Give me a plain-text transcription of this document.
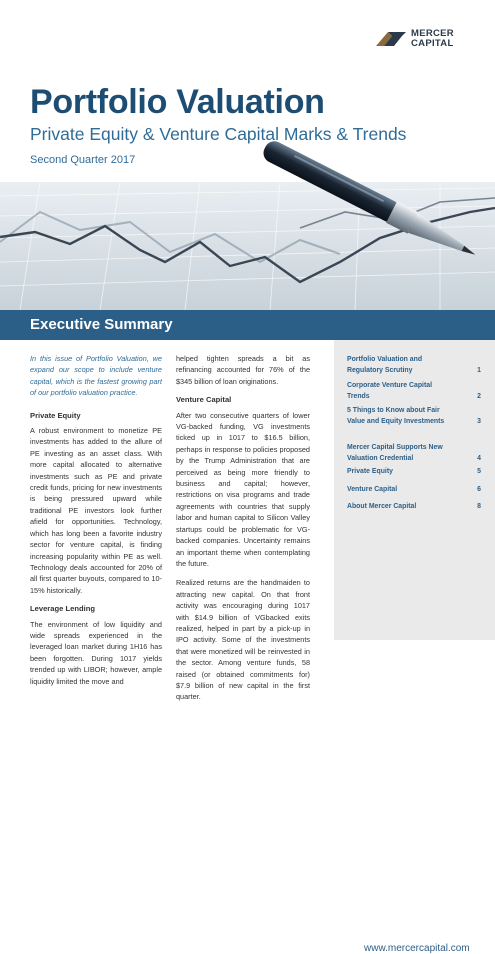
MERCER
CAPITAL
Portfolio Valuation
Private Equity & Venture Capital Marks & Trends
Second Quarter 2017
Executive Summary

In this issue of Portfolio Valuation, we expand our scope to include venture capital, which is the fastest growing part of our portfolio valuation practice.

Private Equity

A robust environment to monetize PE investments has added to the allure of PE investing as an asset class. With more capital allocated to alternative investments such as PE and private credit funds, pricing for new investments is being pressured upward while traditional PE investors look further afield for opportunities. Technology, which has long been a favorite industry sector for venture capital, is finding increasing popularity within PE as well. Technology deals accounted for 20% of all first quarter buyouts, compared to 10-15% historically.

Leverage Lending

The environment of low liquidity and wide spreads experienced in the leveraged loan market during 1H16 has been forgotten. During 1017 yields trended up with LIBOR; however, ample liquidity limited the move and

helped tighten spreads a bit as refinancing accounted for 76% of the $345 billion of loan originations.

Venture Capital

After two consecutive quarters of lower VG-backed funding, VG investments ticked up in 1017 to $16.5 billion, perhaps in response to policies proposed by the Trump Administration that are perceived as being more friendly to business and capital; however, restrictions on visa programs and trade agreements with countries that supply labor and human capital to Silicon Valley startups could be problematic for VG-backed companies. Uncertainty remains an important theme when contemplating the future.

Realized returns are the handmaiden to attracting new capital. On that front activity was encouraging during 1017 with $14.9 billion of VGbacked exits realized, helped in part by a pick-up in IPO activity. Some of the investments that were monetized will be reinvested in the sector. Among venture funds, 58 raised (or obtained commitments for) $7.9 billion of new capital in the first quarter.

Portfolio Valuation and Regulatory Scrutiny	1
Corporate Venture Capital Trends	2
5 Things to Know about Fair Value and Equity Investments	3
Mercer Capital Supports New Valuation Credential	4
Private Equity	5
Venture Capital	6
About Mercer Capital	8
www.mercercapital.com
